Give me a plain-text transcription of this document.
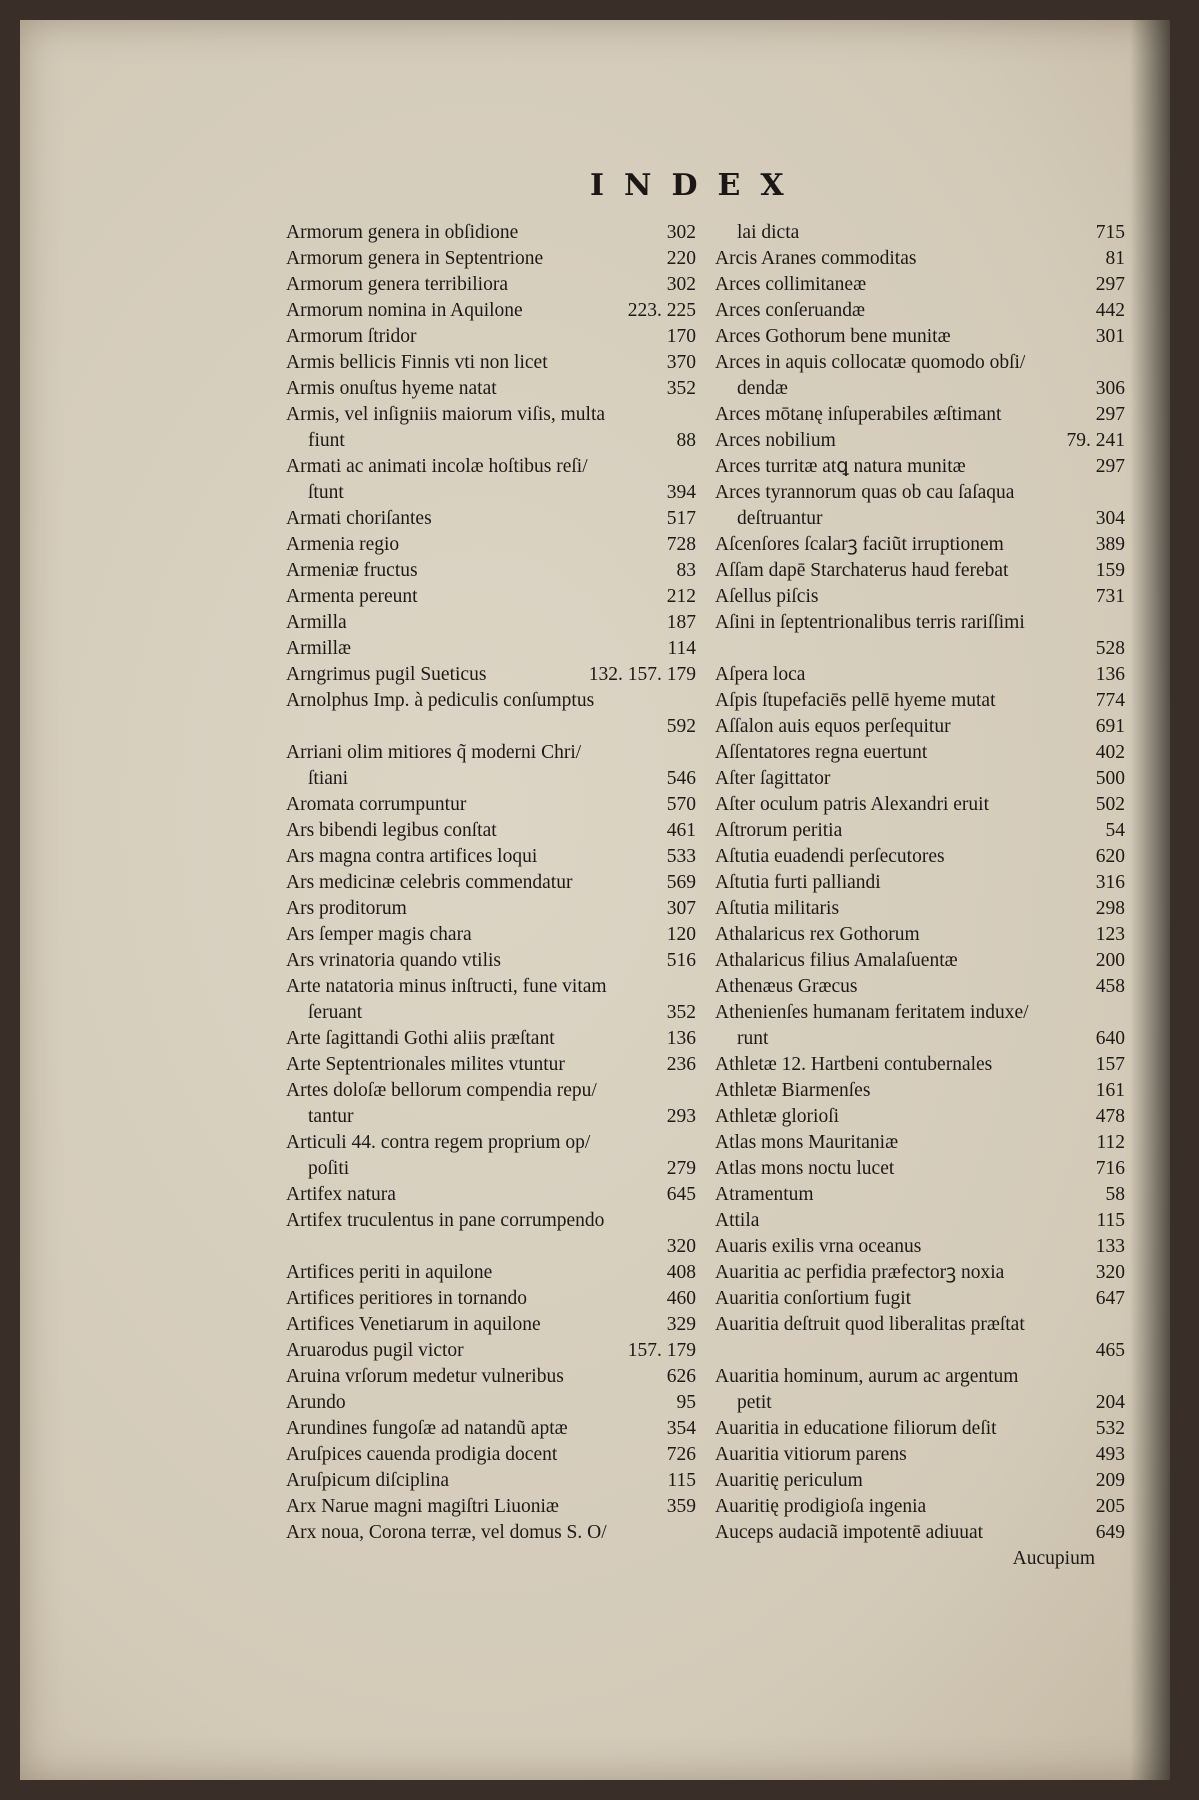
INDEX
Armorum genera in obſidione	302
Armorum genera in Septentrione	220
Armorum genera terribiliora	302
Armorum nomina in Aquilone	223. 225
Armorum ſtridor	170
Armis bellicis Finnis vti non licet	370
Armis onuſtus hyeme natat	352
Armis, vel inſigniis maiorum viſis, multa
fiunt	88
Armati ac animati incolæ hoſtibus reſi/
ſtunt	394
Armati choriſantes	517
Armenia regio	728
Armeniæ fructus	83
Armenta pereunt	212
Armilla	187
Armillæ	114
Arngrimus pugil Sueticus	132. 157. 179
Arnolphus Imp. à pediculis conſumptus
592
Arriani olim mitiores q̃ moderni Chri/
ſtiani	546
Aromata corrumpuntur	570
Ars bibendi legibus conſtat	461
Ars magna contra artifices loqui	533
Ars medicinæ celebris commendatur	569
Ars proditorum	307
Ars ſemper magis chara	120
Ars vrinatoria quando vtilis	516
Arte natatoria minus inſtructi, fune vitam
ſeruant	352
Arte ſagittandi Gothi aliis præſtant	136
Arte Septentrionales milites vtuntur	236
Artes doloſæ bellorum compendia repu/
tantur	293
Articuli 44. contra regem proprium op/
poſiti	279
Artifex natura	645
Artifex truculentus in pane corrumpendo
320
Artifices periti in aquilone	408
Artifices peritiores in tornando	460
Artifices Venetiarum in aquilone	329
Aruarodus pugil victor	157. 179
Aruina vrſorum medetur vulneribus	626
Arundo	95
Arundines fungoſæ ad natandũ aptæ	354
Aruſpices cauenda prodigia docent	726
Aruſpicum diſciplina	115
Arx Narue magni magiſtri Liuoniæ	359
Arx noua, Corona terræ, vel domus S. O/
lai dicta	715
Arcis Aranes commoditas	81
Arces collimitaneæ	297
Arces conſeruandæ	442
Arces Gothorum bene munitæ	301
Arces in aquis collocatæ quomodo obſi/
dendæ	306
Arces mōtanę inſuperabiles æſtimant	297
Arces nobilium	79. 241
Arces turritæ atꝗ natura munitæ	297
Arces tyrannorum quas ob cau ſaſaqua
deſtruantur	304
Aſcenſores ſcalarꝫ faciũt irruptionem	389
Aſſam dapē Starchaterus haud ferebat	159
Aſellus piſcis	731
Aſini in ſeptentrionalibus terris rariſſimi
528
Aſpera loca	136
Aſpis ſtupefaciēs pellē hyeme mutat	774
Aſſalon auis equos perſequitur	691
Aſſentatores regna euertunt	402
Aſter ſagittator	500
Aſter oculum patris Alexandri eruit	502
Aſtrorum peritia	54
Aſtutia euadendi perſecutores	620
Aſtutia furti palliandi	316
Aſtutia militaris	298
Athalaricus rex Gothorum	123
Athalaricus filius Amalaſuentæ	200
Athenæus Græcus	458
Athenienſes humanam feritatem induxe/
runt	640
Athletæ 12. Hartbeni contubernales	157
Athletæ Biarmenſes	161
Athletæ glorioſi	478
Atlas mons Mauritaniæ	112
Atlas mons noctu lucet	716
Atramentum	58
Attila	115
Auaris exilis vrna oceanus	133
Auaritia ac perfidia præfectorꝫ noxia	320
Auaritia conſortium fugit	647
Auaritia deſtruit quod liberalitas præſtat
465
Auaritia hominum, aurum ac argentum
petit	204
Auaritia in educatione filiorum deſit	532
Auaritia vitiorum parens	493
Auaritię periculum	209
Auaritię prodigioſa ingenia	205
Auceps audaciã impotentē adiuuat	649
Aucupium
